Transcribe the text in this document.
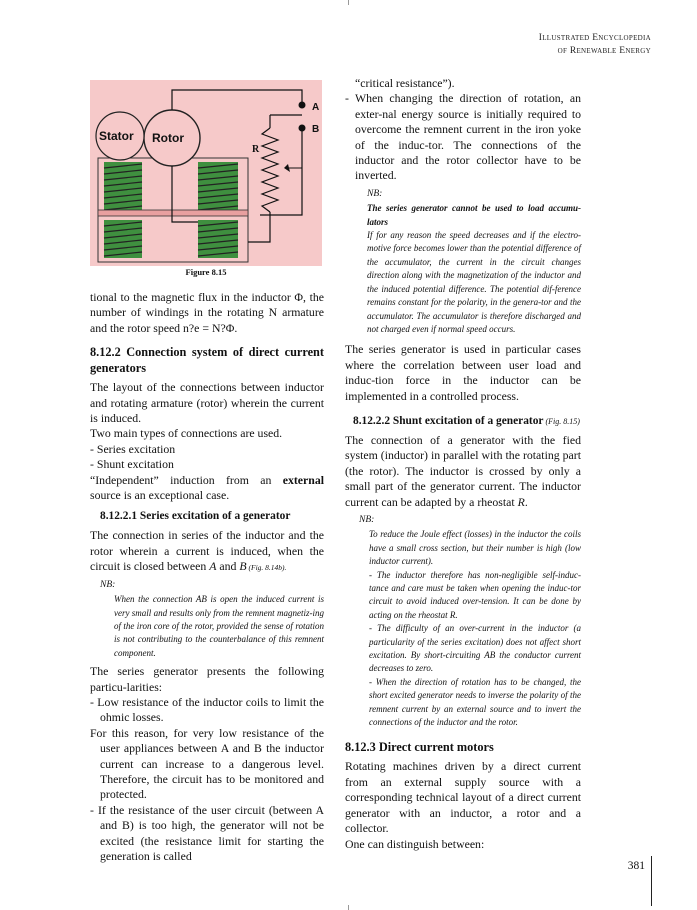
Illustrated Encyclopedia
of Renewable Energy
Stator Rotor
R
A
B
Figure 8.15

tional to the magnetic flux in the inductor Φ, the number of windings in the rotating N armature and the rotor speed n?e = N?Φ.

8.12.2 Connection system of direct current generators

The layout of the connections between inductor and rotating armature (rotor) wherein the current is induced.

Two main types of connections are used.

- Series excitation

- Shunt excitation

“Independent” induction from an external source is an exceptional case.

8.12.2.1 Series excitation of a generator

The connection in series of the inductor and the rotor wherein a current is induced, when the circuit is closed between A and B (Fig. 8.14b).

NB:

When the connection AB is open the induced current is very small and results only from the remnent magnetiz-ing of the iron core of the rotor, provided the sense of rotation is not contributing to the counterbalance of this remnent component.

The series generator presents the following particu-larities:

- Low resistance of the inductor coils to limit the ohmic losses.

For this reason, for very low resistance of the user appliances between A and B the inductor current can increase to a dangerous level. Therefore, the circuit has to be monitored and protected.

- If the resistance of the user circuit (between A and B) is too high, the generator will not be excited (the resistance limit for starting the generation is called

“critical resistance”).

- When changing the direction of rotation, an exter-nal energy source is initially required to overcome the remnent current in the iron yoke of the induc-tor. The connections of the inductor and the rotor collector have to be inverted.

NB:

The series generator cannot be used to load accumu-lators

If for any reason the speed decreases and if the electro-motive force becomes lower than the potential difference of the accumulator, the current in the circuit changes direction along with the magnetization of the inductor and the induced potential difference. The potential dif-ference remains constant for the polarity, in the genera-tor and the accumulator. The accumulator is therefore discharged and not charged even if normal speed occurs.

The series generator is used in particular cases where the correlation between user load and induc-tion force in the inductor can be implemented in a controlled process.

8.12.2.2 Shunt excitation of a generator (Fig. 8.15)

The connection of a generator with the fied system (inductor) in parallel with the rotating part (the rotor). The inductor is crossed by only a small part of the generator current. The inductor current can be adapted by a rheostat R.

NB:

To reduce the Joule effect (losses) in the inductor the coils have a small cross section, but their number is high (low inductor current).

- The inductor therefore has non-negligible self-induc-tance and care must be taken when opening the induc-tor circuit to avoid induced over-tension. It can be done by acting on the rheostat R.

- The difficulty of an over-current in the inductor (a particularity of the series excitation) does not affect short excitation. By short-circuiting AB the conductor current decreases to zero.

- When the direction of rotation has to be changed, the short excited generator needs to inverse the polarity of the remnent current by an external source and to invert the connections of the inductor and the rotor.

8.12.3 Direct current motors

Rotating machines driven by a direct current from an external supply source with a corresponding technical layout of a direct current generator with an inductor, a rotor and a collector.

One can distinguish between:

381
